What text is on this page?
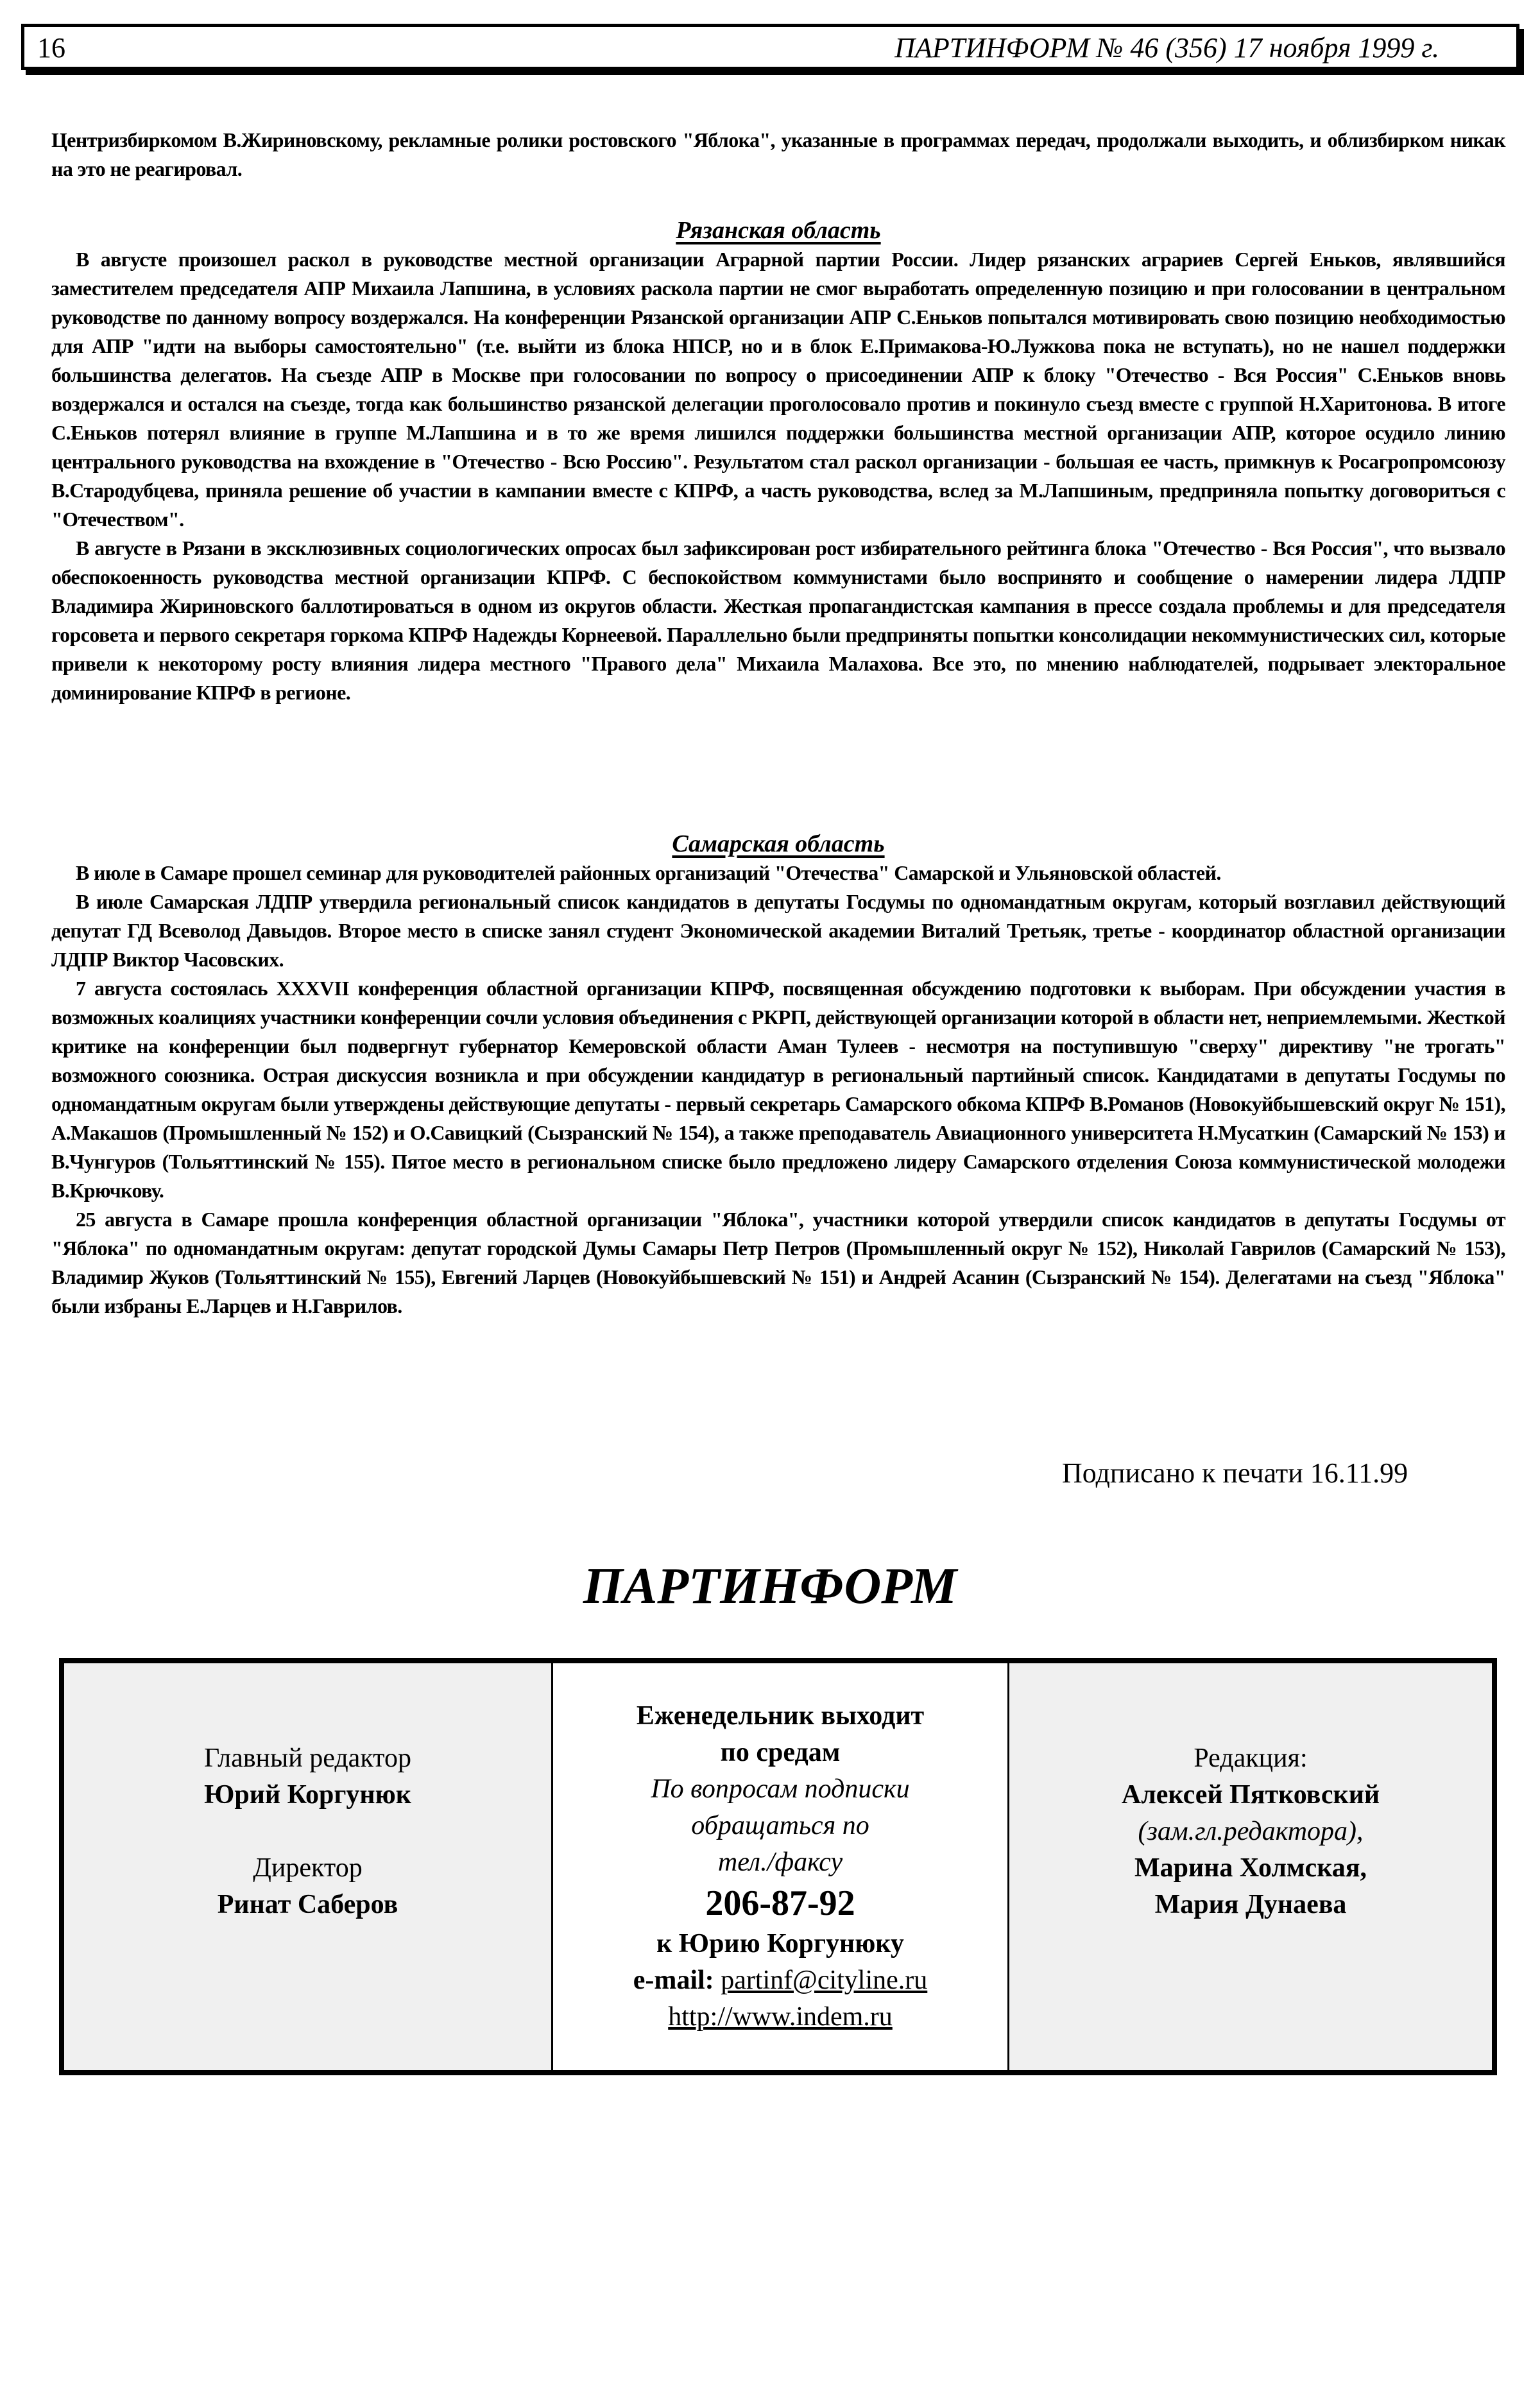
16	ПАРТИНФОРМ № 46 (356) 17 ноября 1999 г.

Центризбиркомом В.Жириновскому, рекламные ролики ростовского "Яблока", указанные в программах передач, продолжали выходить, и облизбирком никак на это не реагировал.

Рязанская область

В августе произошел раскол в руководстве местной организации Аграрной партии России. Лидер рязанских аграриев Сергей Еньков, являвшийся заместителем председателя АПР Михаила Лапшина, в условиях раскола партии не смог выработать определенную позицию и при голосовании в центральном руководстве по данному вопросу воздержался. На конференции Рязанской организации АПР С.Еньков попытался мотивировать свою позицию необходимостью для АПР "идти на выборы самостоятельно" (т.е. выйти из блока НПСР, но и в блок Е.Примакова-Ю.Лужкова пока не вступать), но не нашел поддержки большинства делегатов. На съезде АПР в Москве при голосовании по вопросу о присоединении АПР к блоку "Отечество - Вся Россия" С.Еньков вновь воздержался и остался на съезде, тогда как большинство рязанской делегации проголосовало против и покинуло съезд вместе с группой Н.Харитонова. В итоге С.Еньков потерял влияние в группе М.Лапшина и в то же время лишился поддержки большинства местной организации АПР, которое осудило линию центрального руководства на вхождение в "Отечество - Всю Россию". Результатом стал раскол организации - большая ее часть, примкнув к Росагропромсоюзу В.Стародубцева, приняла решение об участии в кампании вместе с КПРФ, а часть руководства, вслед за М.Лапшиным, предприняла попытку договориться с "Отечеством".

В августе в Рязани в эксклюзивных социологических опросах был зафиксирован рост избирательного рейтинга блока "Отечество - Вся Россия", что вызвало обеспокоенность руководства местной организации КПРФ. С беспокойством коммунистами было воспринято и сообщение о намерении лидера ЛДПР Владимира Жириновского баллотироваться в одном из округов области. Жесткая пропагандистская кампания в прессе создала проблемы и для председателя горсовета и первого секретаря горкома КПРФ Надежды Корнеевой. Параллельно были предприняты попытки консолидации некоммунистических сил, которые привели к некоторому росту влияния лидера местного "Правого дела" Михаила Малахова. Все это, по мнению наблюдателей, подрывает электоральное доминирование КПРФ в регионе.

Самарская область

В июле в Самаре прошел семинар для руководителей районных организаций "Отечества" Самарской и Ульяновской областей.

В июле Самарская ЛДПР утвердила региональный список кандидатов в депутаты Госдумы по одномандатным округам, который возглавил действующий депутат ГД Всеволод Давыдов. Второе место в списке занял студент Экономической академии Виталий Третьяк, третье - координатор областной организации ЛДПР Виктор Часовских.

7 августа состоялась XXXVII конференция областной организации КПРФ, посвященная обсуждению подготовки к выборам. При обсуждении участия в возможных коалициях участники конференции сочли условия объединения с РКРП, действующей организации которой в области нет, неприемлемыми. Жесткой критике на конференции был подвергнут губернатор Кемеровской области Аман Тулеев - несмотря на поступившую "сверху" директиву "не трогать" возможного союзника. Острая дискуссия возникла и при обсуждении кандидатур в региональный партийный список. Кандидатами в депутаты Госдумы по одномандатным округам были утверждены действующие депутаты - первый секретарь Самарского обкома КПРФ В.Романов (Новокуйбышевский округ № 151), А.Макашов (Промышленный № 152) и О.Савицкий (Сызранский № 154), а также преподаватель Авиационного университета Н.Мусаткин (Самарский № 153) и В.Чунгуров (Тольяттинский № 155). Пятое место в региональном списке было предложено лидеру Самарского отделения Союза коммунистической молодежи В.Крючкову.

25 августа в Самаре прошла конференция областной организации "Яблока", участники которой утвердили список кандидатов в депутаты Госдумы от "Яблока" по одномандатным округам: депутат городской Думы Самары Петр Петров (Промышленный округ № 152), Николай Гаврилов (Самарский № 153), Владимир Жуков (Тольяттинский № 155), Евгений Ларцев (Новокуйбышевский № 151) и Андрей Асанин (Сызранский № 154). Делегатами на съезд "Яблока" были избраны Е.Ларцев и Н.Гаврилов.

Подписано к печати 16.11.99
ПАРТИНФОРМ
Главный редактор
Юрий Коргунюк
Директор
Ринат Саберов
Еженедельник выходит
по средам
По вопросам подписки
обращаться по
тел./факсу
206-87-92
к Юрию Коргунюку
e-mail: partinf@cityline.ru
http://www.indem.ru
Редакция:
Алексей Пятковский
(зам.гл.редактора),
Марина Холмская,
Мария Дунаева
